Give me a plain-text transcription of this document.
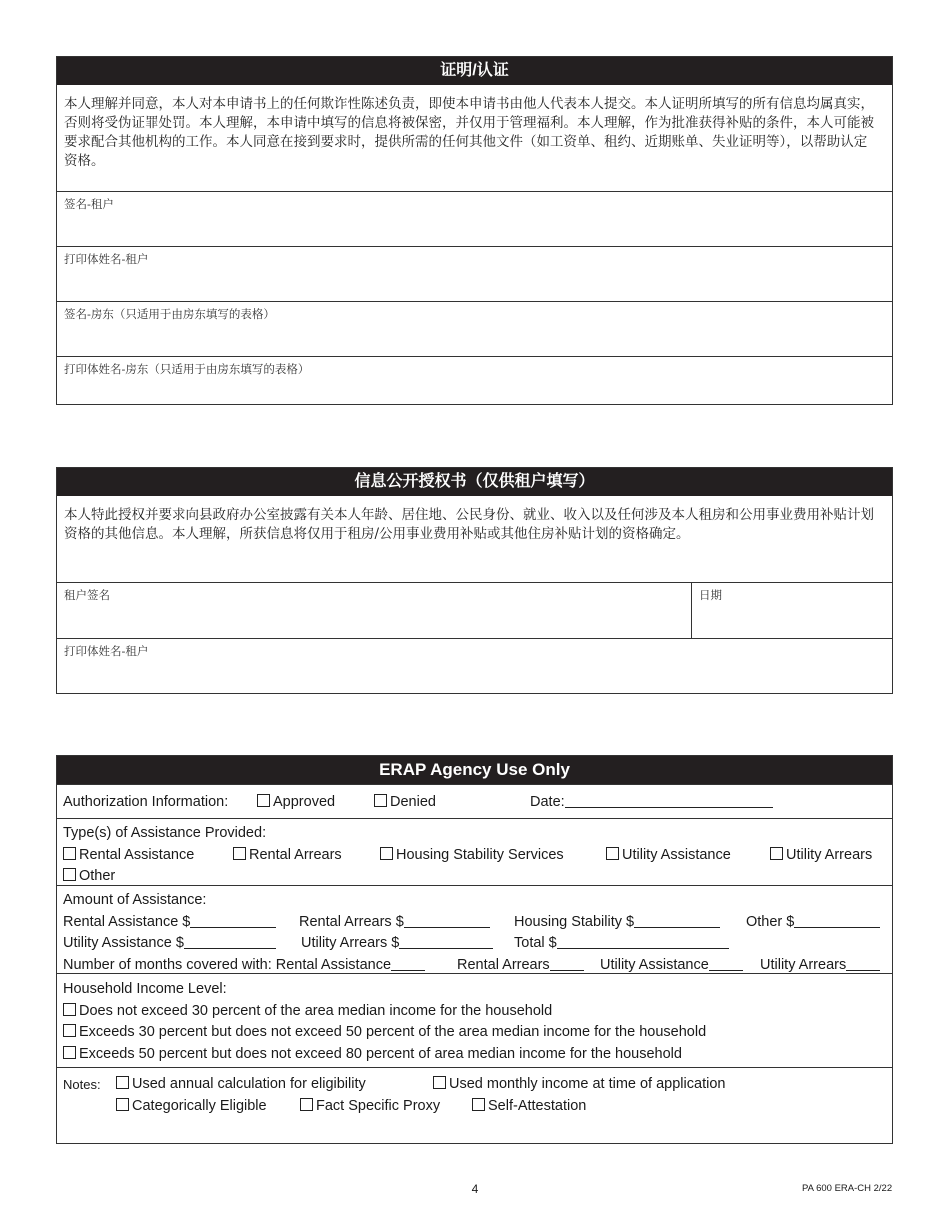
证明/认证
本人理解并同意，本人对本申请书上的任何欺诈性陈述负责，即使本申请书由他人代表本人提交。本人证明所填写的所有信息均属真实，否则将受伪证罪处罚。本人理解，本申请中填写的信息将被保密，并仅用于管理福利。本人理解，作为批准获得补贴的条件，本人可能被要求配合其他机构的工作。本人同意在接到要求时，提供所需的任何其他文件（如工资单、租约、近期账单、失业证明等），以帮助认定资格。
签名-租户
打印体姓名-租户
签名-房东（只适用于由房东填写的表格）
打印体姓名-房东（只适用于由房东填写的表格）
信息公开授权书（仅供租户填写）
本人特此授权并要求向县政府办公室披露有关本人年龄、居住地、公民身份、就业、收入以及任何涉及本人租房和公用事业费用补贴计划资格的其他信息。本人理解，所获信息将仅用于租房/公用事业费用补贴或其他住房补贴计划的资格确定。
租户签名	日期
打印体姓名-租户
ERAP Agency Use Only
Authorization Information:	Approved	Denied	Date:
Type(s) of Assistance Provided:
Rental Assistance	Rental Arrears	Housing Stability Services	Utility Assistance	Utility Arrears
Other
Amount of Assistance:
Rental Assistance $	Rental Arrears $	Housing Stability $	Other $
Utility Assistance $	Utility Arrears $	Total $
Number of months covered with: Rental Assistance	Rental Arrears	Utility Assistance	Utility Arrears
Household Income Level:
Does not exceed 30 percent of the area median income for the household
Exceeds 30 percent but does not exceed 50 percent of the area median income for the household
Exceeds 50 percent but does not exceed 80 percent of area median income for the household
Notes:	Used annual calculation for eligibility	Used monthly income at time of application
Categorically Eligible	Fact Specific Proxy	Self-Attestation
4	PA 600 ERA-CH 2/22
